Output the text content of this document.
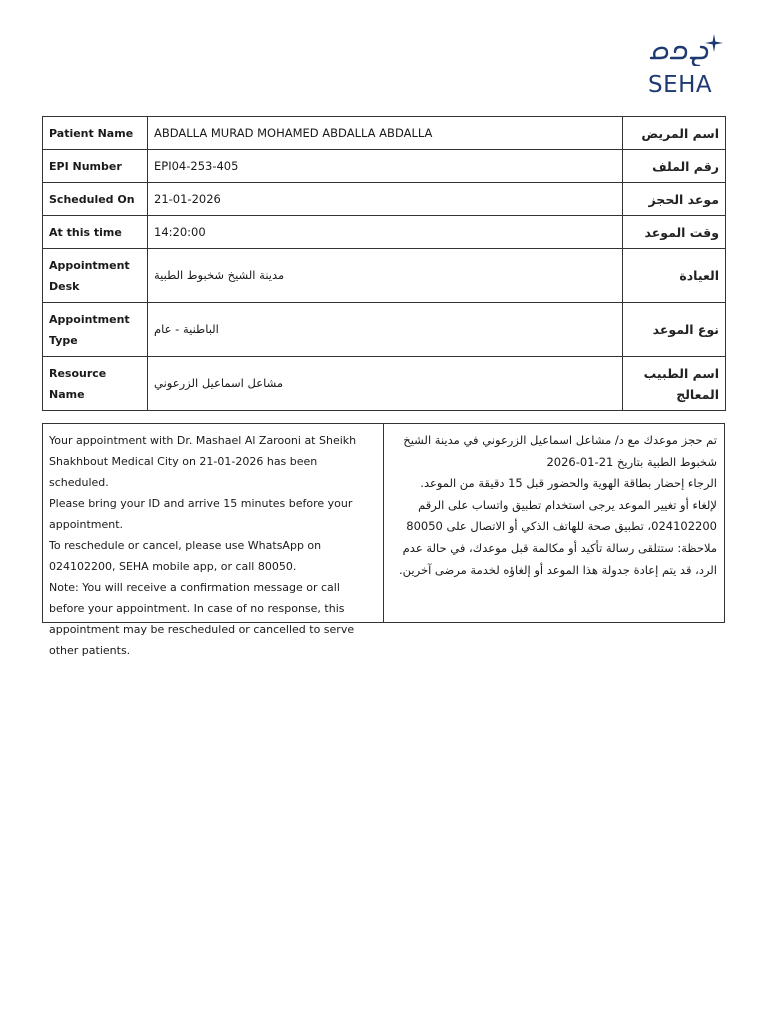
SEHA
Patient Name	ABDALLA MURAD MOHAMED ABDALLA ABDALLA	اسم المريض
EPI Number	EPI04-253-405	رقم الملف
Scheduled On	21-01-2026	موعد الحجز
At this time	14:20:00	وقت الموعد
Appointment Desk	مدينة الشيخ شخبوط الطبية	العيادة
Appointment Type	الباطنية - عام	نوع الموعد
Resource Name	مشاعل اسماعيل الزرعوني	اسم الطبيب المعالج

Your appointment with Dr. Mashael Al Zarooni at Sheikh Shakhbout Medical City on 21-01-2026 has been scheduled.

Please bring your ID and arrive 15 minutes before your appointment.

To reschedule or cancel, please use WhatsApp on 024102200, SEHA mobile app, or call 80050.

Note: You will receive a confirmation message or call before your appointment. In case of no response, this appointment may be rescheduled or cancelled to serve other patients.

تم حجز موعدك مع د/ مشاعل اسماعيل الزرعوني في مدينة الشيخ شخبوط الطبية بتاريخ 21-01-2026

الرجاء إحضار بطاقة الهوية والحضور قبل 15 دقيقة من الموعد.

لإلغاء أو تغيير الموعد يرجى استخدام تطبيق واتساب على الرقم 024102200، تطبيق صحة للهاتف الذكي أو الاتصال على 80050

ملاحظة: ستتلقى رسالة تأكيد أو مكالمة قبل موعدك، في حالة عدم الرد، قد يتم إعادة جدولة هذا الموعد أو إلغاؤه لخدمة مرضى آخرين.
